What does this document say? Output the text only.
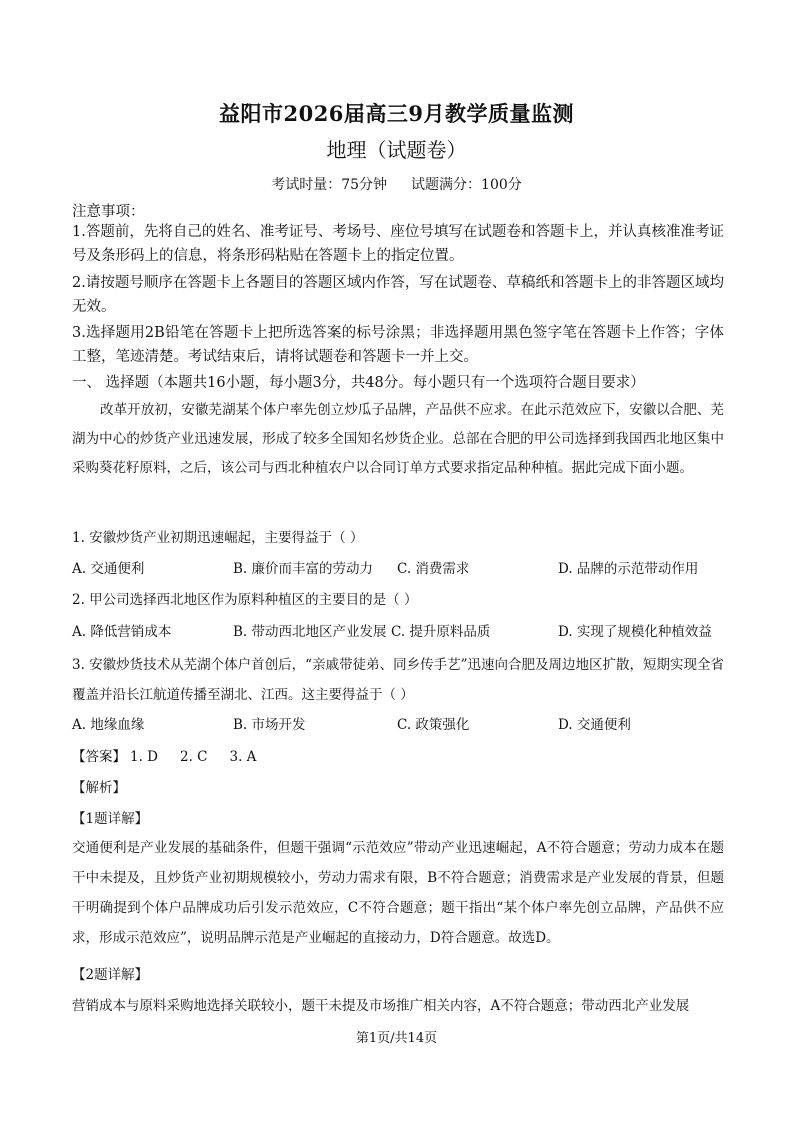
益阳市2026届高三9月教学质量监测
地理（试题卷）
考试时量：75分钟 试题满分：100分
注意事项：
1.答题前，先将自己的姓名、准考证号、考场号、座位号填写在试题卷和答题卡上，并认真核准准考证号及条形码上的信息，将条形码粘贴在答题卡上的指定位置。
2.请按题号顺序在答题卡上各题目的答题区域内作答，写在试题卷、草稿纸和答题卡上的非答题区域均无效。
3.选择题用2B铅笔在答题卡上把所选答案的标号涂黑；非选择题用黑色签字笔在答题卡上作答；字体工整，笔迹清楚。考试结束后，请将试题卷和答题卡一并上交。
一、 选择题（本题共16小题，每小题3分，共48分。每小题只有一个选项符合题目要求）
改革开放初，安徽芜湖某个体户率先创立炒瓜子品牌，产品供不应求。在此示范效应下，安徽以合肥、芜湖为中心的炒货产业迅速发展，形成了较多全国知名炒货企业。总部在合肥的甲公司选择到我国西北地区集中采购葵花籽原料，之后，该公司与西北种植农户以合同订单方式要求指定品种种植。据此完成下面小题。
1. 安徽炒货产业初期迅速崛起，主要得益于（ ）
A. 交通便利	B. 廉价而丰富的劳动力 C. 消费需求	D. 品牌的示范带动作用
2. 甲公司选择西北地区作为原料种植区的主要目的是（ ）
A. 降低营销成本	B. 带动西北地区产业发展 C. 提升原料品质	D. 实现了规模化种植效益
3. 安徽炒货技术从芜湖个体户首创后，“亲戚带徒弟、同乡传手艺”迅速向合肥及周边地区扩散，短期实现全省覆盖并沿长江航道传播至湖北、江西。这主要得益于（ ）
A. 地缘血缘	B. 市场开发	C. 政策强化	D. 交通便利
【答案】 1. D 2. C 3. A
【解析】
【1题详解】
交通便利是产业发展的基础条件，但题干强调“示范效应”带动产业迅速崛起，A不符合题意；劳动力成本在题干中未提及，且炒货产业初期规模较小，劳动力需求有限，B不符合题意；消费需求是产业发展的背景，但题干明确提到个体户品牌成功后引发示范效应，C不符合题意；题干指出“某个体户率先创立品牌，产品供不应求，形成示范效应”，说明品牌示范是产业崛起的直接动力，D符合题意。故选D。
【2题详解】
营销成本与原料采购地选择关联较小，题干未提及市场推广相关内容，A不符合题意；带动西北产业发展
第1页/共14页
